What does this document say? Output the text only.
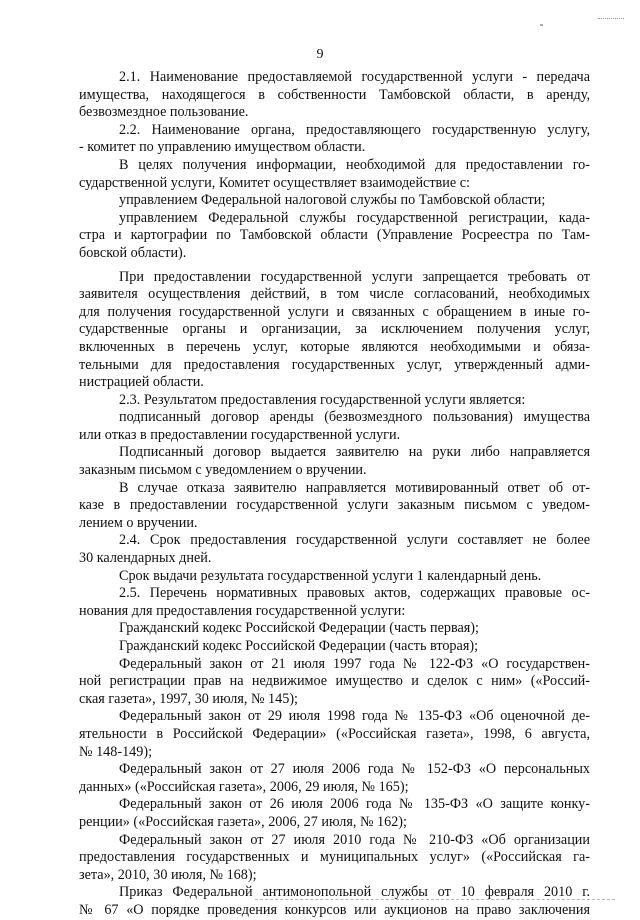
9
2.1. Наименование предоставляемой государственной услуги - передача
имущества, находящегося в собственности Тамбовской области, в аренду,
безвозмездное пользование.
2.2. Наименование органа, предоставляющего государственную услугу,
- комитет по управлению имуществом области.
В целях получения информации, необходимой для предоставлении го-
сударственной услуги, Комитет осуществляет взаимодействие с:
управлением Федеральной налоговой службы по Тамбовской области;
управлением Федеральной службы государственной регистрации, када-
стра и картографии по Тамбовской области (Управление Росреестра по Там-
бовской области).
При предоставлении государственной услуги запрещается требовать от
заявителя осуществления действий, в том числе согласований, необходимых
для получения государственной услуги и связанных с обращением в иные го-
сударственные органы и организации, за исключением получения услуг,
включенных в перечень услуг, которые являются необходимыми и обяза-
тельными для предоставления государственных услуг, утвержденный адми-
нистрацией области.
2.3. Результатом предоставления государственной услуги является:
подписанный договор аренды (безвозмездного пользования) имущества
или отказ в предоставлении государственной услуги.
Подписанный договор выдается заявителю на руки либо направляется
заказным письмом с уведомлением о вручении.
В случае отказа заявителю направляется мотивированный ответ об от-
казе в предоставлении государственной услуги заказным письмом с уведом-
лением о вручении.
2.4. Срок предоставления государственной услуги составляет не более
30 календарных дней.
Срок выдачи результата государственной услуги 1 календарный день.
2.5. Перечень нормативных правовых актов, содержащих правовые ос-
нования для предоставления государственной услуги:
Гражданский кодекс Российской Федерации (часть первая);
Гражданский кодекс Российской Федерации (часть вторая);
Федеральный закон от 21 июля 1997 года № 122-ФЗ «О государствен-
ной регистрации прав на недвижимое имущество и сделок с ним» («Россий-
ская газета», 1997, 30 июля, № 145);
Федеральный закон от 29 июля 1998 года № 135-ФЗ «Об оценочной де-
ятельности в Российской Федерации» («Российская газета», 1998, 6 августа,
№ 148-149);
Федеральный закон от 27 июля 2006 года № 152-ФЗ «О персональных
данных» («Российская газета», 2006, 29 июля, № 165);
Федеральный закон от 26 июля 2006 года № 135-ФЗ «О защите конку-
ренции» («Российская газета», 2006, 27 июля, № 162);
Федеральный закон от 27 июля 2010 года № 210-ФЗ «Об организации
предоставления государственных и муниципальных услуг» («Российская га-
зета», 2010, 30 июля, № 168);
Приказ Федеральной антимонопольной службы от 10 февраля 2010 г.
№ 67 «О порядке проведения конкурсов или аукционов на право заключения
